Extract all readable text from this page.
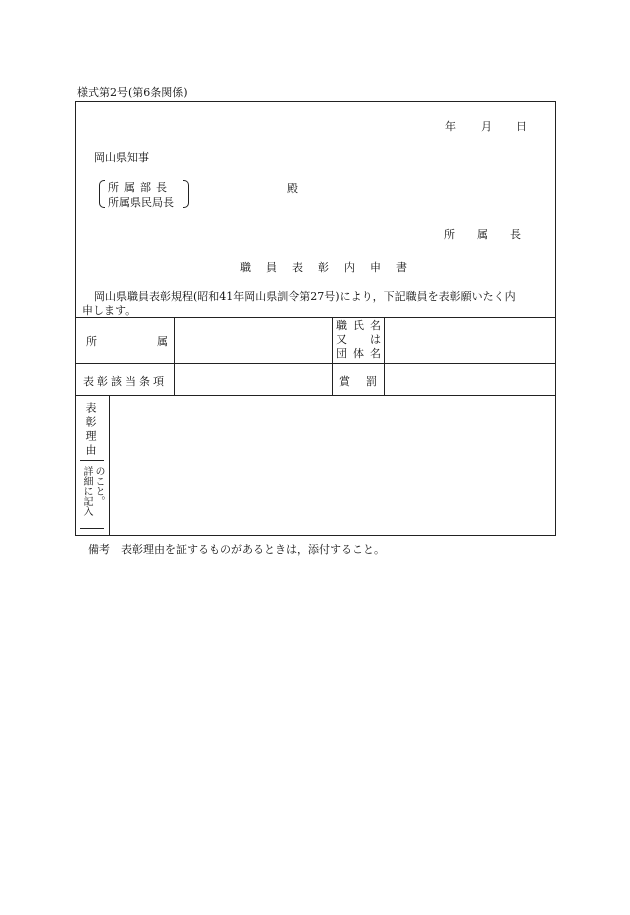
様式第2号(第6条関係)
年 月 日
岡山県知事
所属部長
所属県民局長
殿
所　　属　　長
職 員 表 彰 内 申 書
岡山県職員表彰規程(昭和41年岡山県訓令第27号)により，下記職員を表彰願いたく内
申します。
所	属
職氏名
又　は
団体名
表彰該当条項	賞 罰
表彰理由
詳細に記入 のこと。
備考　表彰理由を証するものがあるときは，添付すること。
